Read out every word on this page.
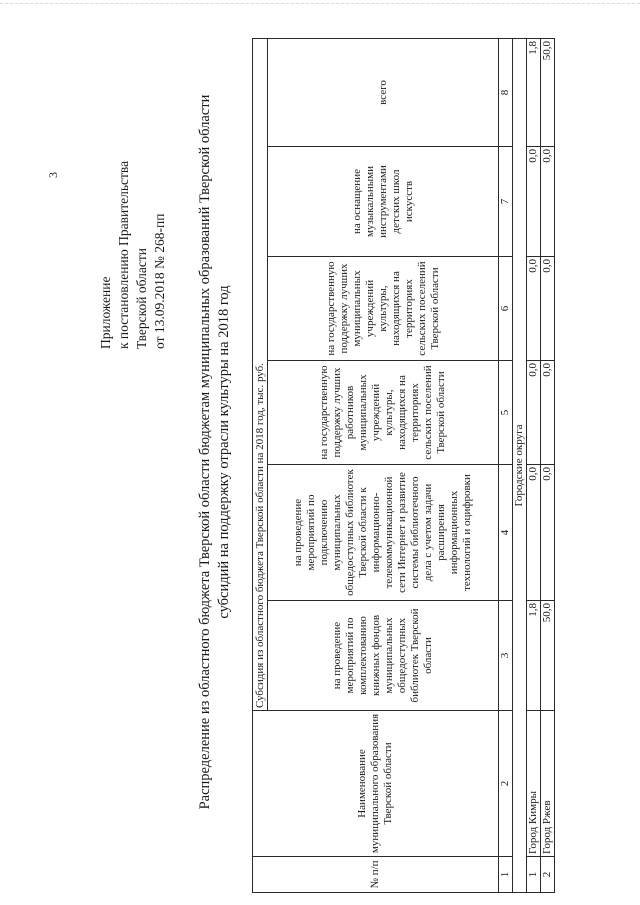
3
Приложение к постановлению Правительства Тверской области от 13.09.2018 № 268-пп Распределение из областного бюджета Тверской области бюджетам муниципальных образований Тверской области субсидий на поддержку отрасли культуры на 2018 год
№ п/п	Наименование муниципального образования Тверской области	Субсидия из областного бюджета Тверской области на 2018 год, тыс. руб.					
		на проведение мероприятий по комплектованию книжных фондов муниципальных общедоступных библиотек Тверской области	на проведение мероприятий по подключению муниципальных общедоступных библиотек Тверской области к информационно-телекоммуникационной сети Интернет и развитие системы библиотечного дела с учетом задачи расширения информационных технологий и оцифровки	на государственную поддержку лучших работников муниципальных учреждений культуры, находящихся на территориях сельских поселений Тверской области	на государственную поддержку лучших муниципальных учреждений культуры, находящихся на территориях сельских поселений Тверской области	на оснащение музыкальными инструментами детских школ искусств	всего
1	2	3	4	5	6	7	8
Городские округа							
1	Город Кимры	1,8	0,0	0,0	0,0	0,0	1,8
2	Город Ржев	50,0	0,0	0,0	0,0	0,0	50,0
